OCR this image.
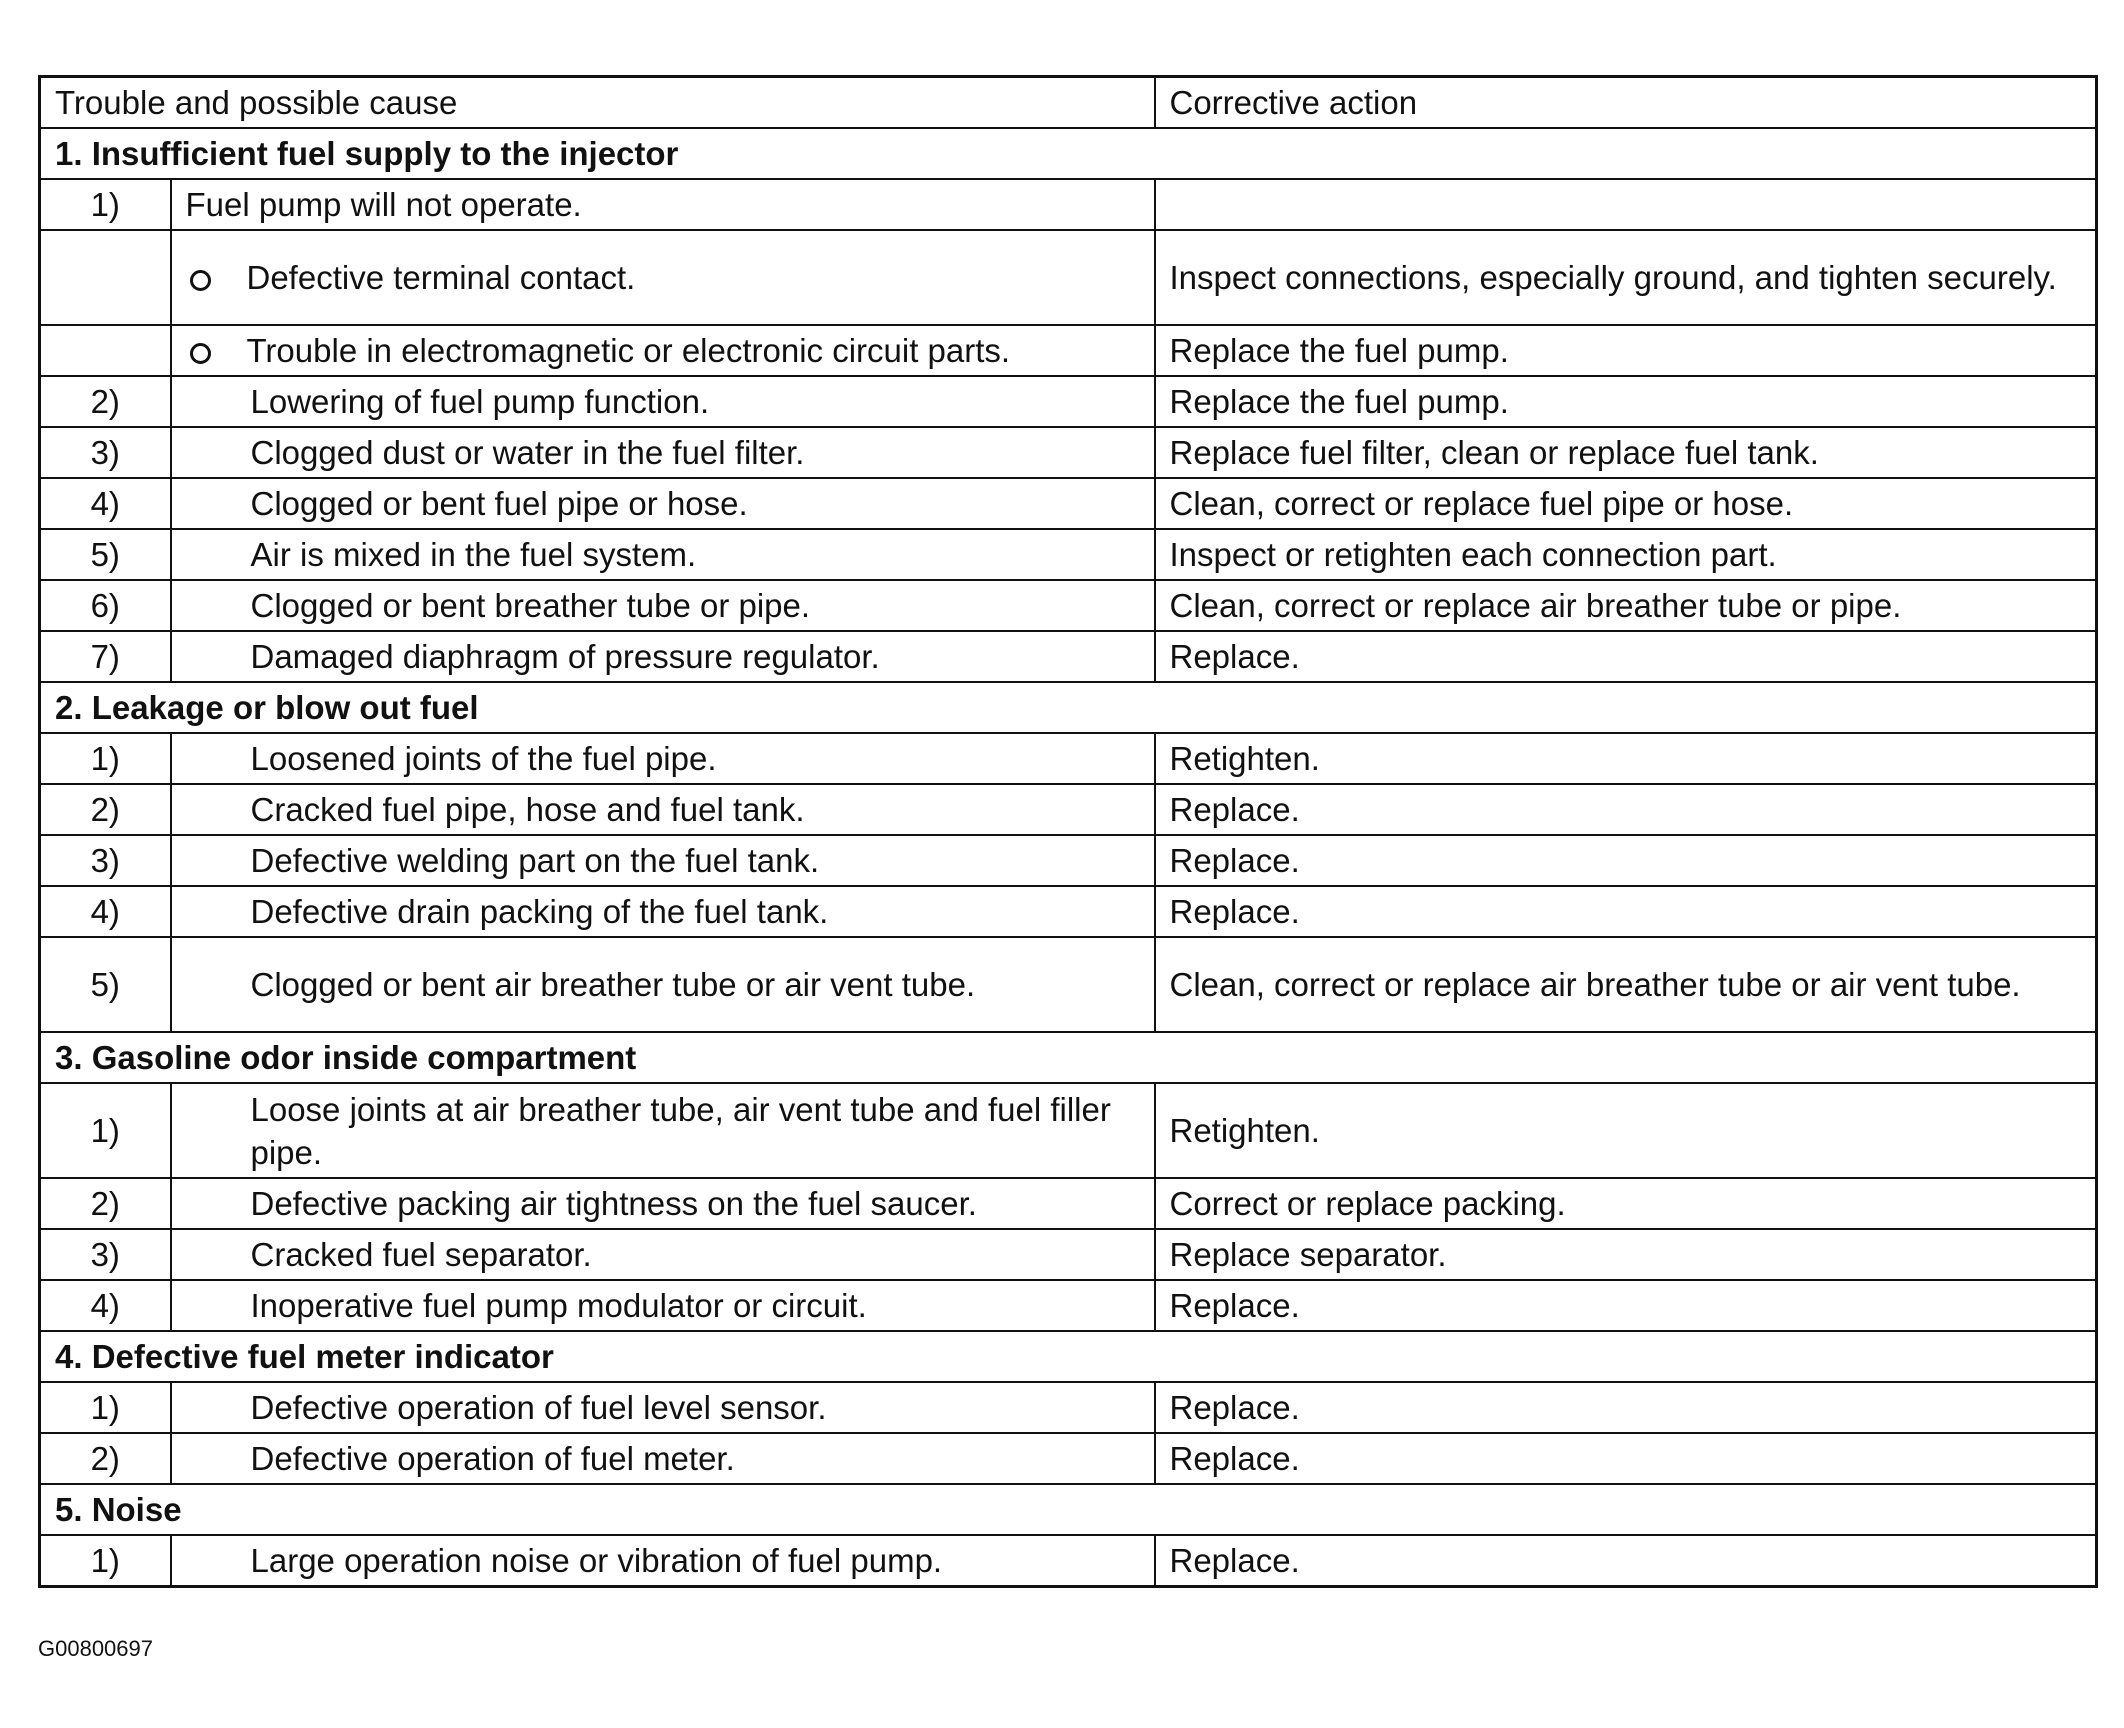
Trouble and possible cause		Corrective action
1. Insufficient fuel supply to the injector		
1)	Fuel pump will not operate.	
	Defective terminal contact.	Inspect connections, especially ground, and tighten securely.
	Trouble in electromagnetic or electronic circuit parts.	Replace the fuel pump.
2)	Lowering of fuel pump function.	Replace the fuel pump.
3)	Clogged dust or water in the fuel filter.	Replace fuel filter, clean or replace fuel tank.
4)	Clogged or bent fuel pipe or hose.	Clean, correct or replace fuel pipe or hose.
5)	Air is mixed in the fuel system.	Inspect or retighten each connection part.
6)	Clogged or bent breather tube or pipe.	Clean, correct or replace air breather tube or pipe.
7)	Damaged diaphragm of pressure regulator.	Replace.
2. Leakage or blow out fuel		
1)	Loosened joints of the fuel pipe.	Retighten.
2)	Cracked fuel pipe, hose and fuel tank.	Replace.
3)	Defective welding part on the fuel tank.	Replace.
4)	Defective drain packing of the fuel tank.	Replace.
5)	Clogged or bent air breather tube or air vent tube.	Clean, correct or replace air breather tube or air vent tube.
3. Gasoline odor inside compartment		
1)	Loose joints at air breather tube, air vent tube and fuel filler pipe.	Retighten.
2)	Defective packing air tightness on the fuel saucer.	Correct or replace packing.
3)	Cracked fuel separator.	Replace separator.
4)	Inoperative fuel pump modulator or circuit.	Replace.
4. Defective fuel meter indicator		
1)	Defective operation of fuel level sensor.	Replace.
2)	Defective operation of fuel meter.	Replace.
5. Noise		
1)	Large operation noise or vibration of fuel pump.	Replace.
G00800697
